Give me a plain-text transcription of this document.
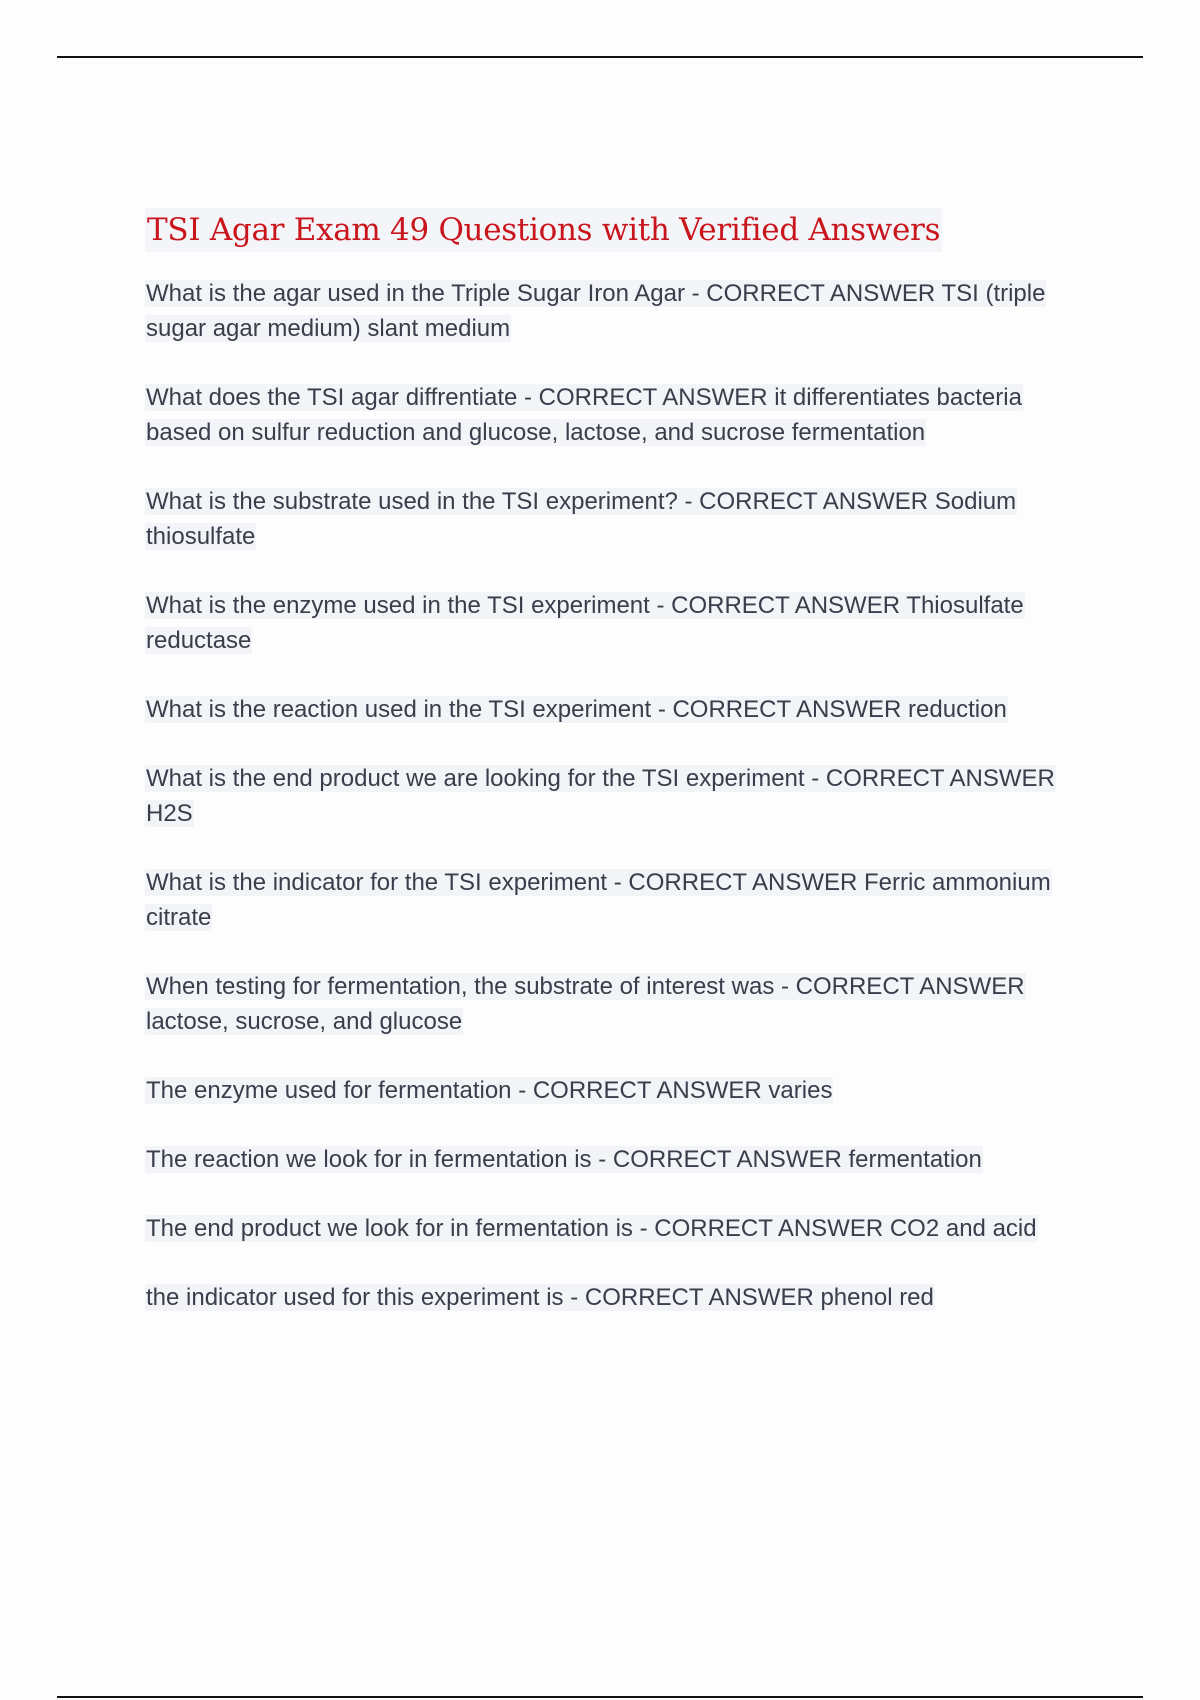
TSI Agar Exam 49 Questions with Verified Answers
What is the agar used in the Triple Sugar Iron Agar - CORRECT ANSWER TSI (triple sugar agar medium) slant medium
What does the TSI agar diffrentiate - CORRECT ANSWER it differentiates bacteria based on sulfur reduction and glucose, lactose, and sucrose fermentation
What is the substrate used in the TSI experiment? - CORRECT ANSWER Sodium thiosulfate
What is the enzyme used in the TSI experiment - CORRECT ANSWER Thiosulfate reductase
What is the reaction used in the TSI experiment - CORRECT ANSWER reduction
What is the end product we are looking for the TSI experiment - CORRECT ANSWER H2S
What is the indicator for the TSI experiment - CORRECT ANSWER Ferric ammonium citrate
When testing for fermentation, the substrate of interest was - CORRECT ANSWER lactose, sucrose, and glucose
The enzyme used for fermentation - CORRECT ANSWER varies
The reaction we look for in fermentation is - CORRECT ANSWER fermentation
The end product we look for in fermentation is - CORRECT ANSWER CO2 and acid
the indicator used for this experiment is - CORRECT ANSWER phenol red
